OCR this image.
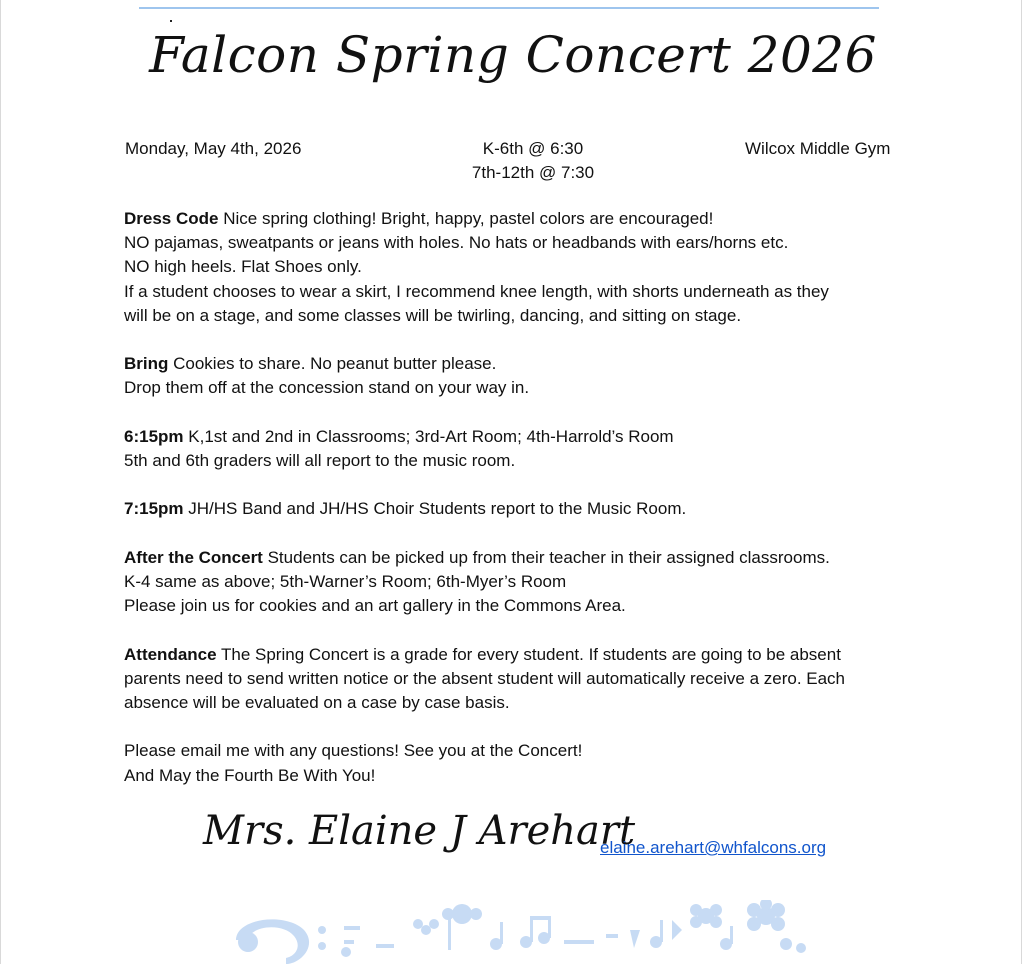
Falcon Spring Concert 2026
Monday, May 4th, 2026	K-6th @ 6:30
7th-12th @ 7:30
Wilcox Middle Gym
Dress Code Nice spring clothing! Bright, happy, pastel colors are encouraged!
NO pajamas, sweatpants or jeans with holes. No hats or headbands with ears/horns etc.
NO high heels. Flat Shoes only.
If a student chooses to wear a skirt, I recommend knee length, with shorts underneath as they
will be on a stage, and some classes will be twirling, dancing, and sitting on stage.
Bring Cookies to share. No peanut butter please.
Drop them off at the concession stand on your way in.
6:15pm K,1st and 2nd in Classrooms; 3rd-Art Room; 4th-Harrold’s Room
5th and 6th graders will all report to the music room.
7:15pm JH/HS Band and JH/HS Choir Students report to the Music Room.
After the Concert Students can be picked up from their teacher in their assigned classrooms.
K-4 same as above; 5th-Warner’s Room; 6th-Myer’s Room
Please join us for cookies and an art gallery in the Commons Area.
Attendance The Spring Concert is a grade for every student. If students are going to be absent
parents need to send written notice or the absent student will automatically receive a zero. Each
absence will be evaluated on a case by case basis.
Please email me with any questions! See you at the Concert!
And May the Fourth Be With You!
Mrs. Elaine J Arehart
elaine.arehart@whfalcons.org
